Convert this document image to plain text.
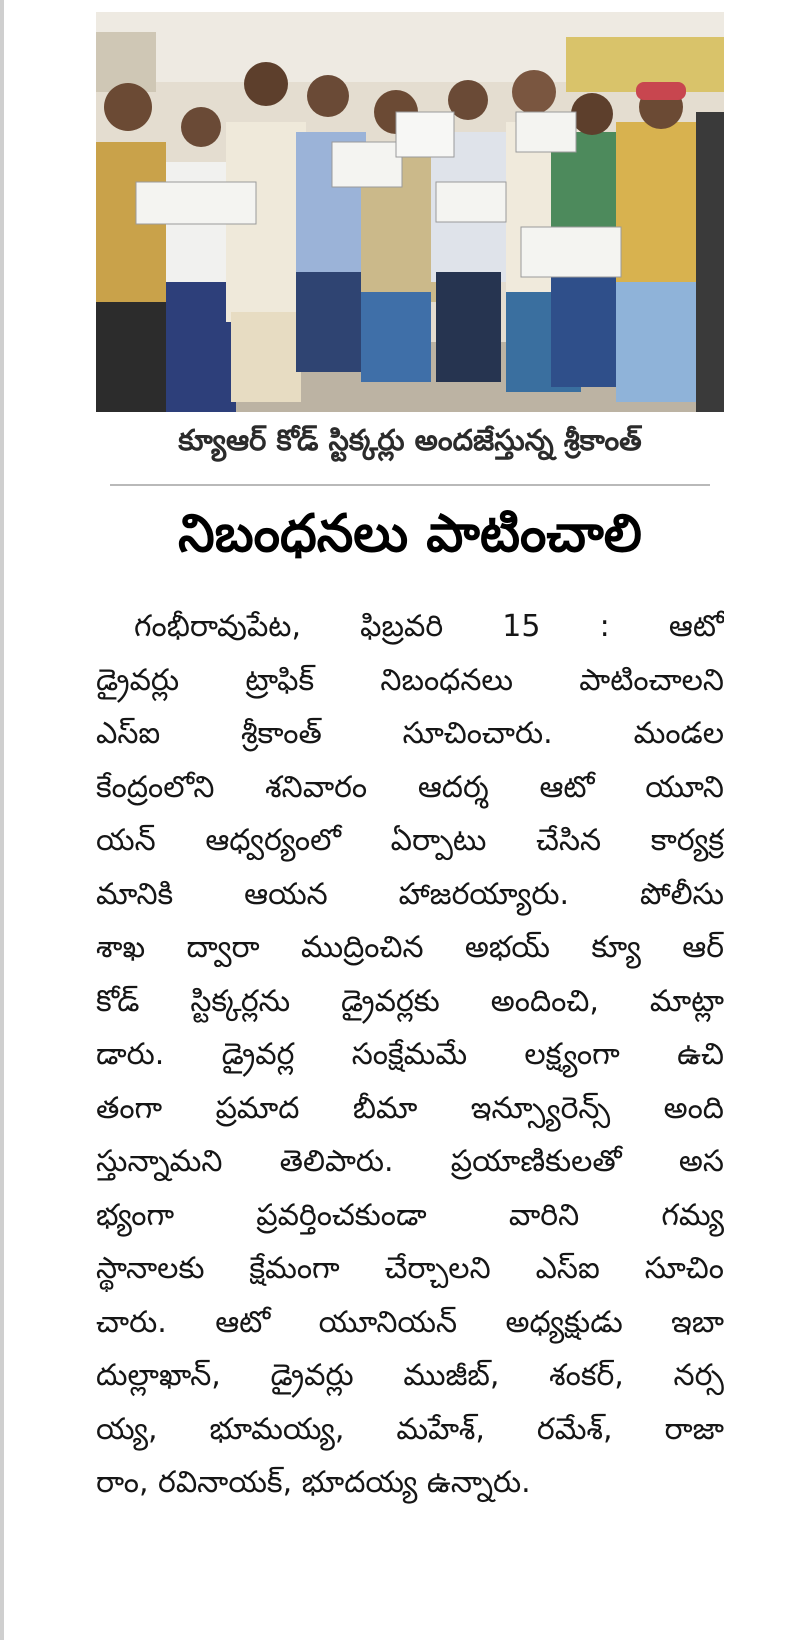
క్యూఆర్ కోడ్ స్టిక్కర్లు అందజేస్తున్న శ్రీకాంత్
నిబంధనలు పాటించాలి
గంభీరావుపేట, ఫిబ్రవరి 15 : ఆటో
డ్రైవర్లు ట్రాఫిక్ నిబంధనలు పాటించాలని
ఎస్ఐ శ్రీకాంత్ సూచించారు. మండల
కేంద్రంలోని శనివారం ఆదర్శ ఆటో యూని
యన్ ఆధ్వర్యంలో ఏర్పాటు చేసిన కార్యక్ర
మానికి ఆయన హాజరయ్యారు. పోలీసు
శాఖ ద్వారా ముద్రించిన అభయ్ క్యూ ఆర్
కోడ్ స్టిక్కర్లను డ్రైవర్లకు అందించి, మాట్లా
డారు. డ్రైవర్ల సంక్షేమమే లక్ష్యంగా ఉచి
తంగా ప్రమాద బీమా ఇన్స్యూరెన్స్ అంది
స్తున్నామని తెలిపారు. ప్రయాణికులతో అస
భ్యంగా ప్రవర్తించకుండా వారిని గమ్య
స్థానాలకు క్షేమంగా చేర్చాలని ఎస్ఐ సూచిం
చారు. ఆటో యూనియన్ అధ్యక్షుడు ఇబా
దుల్లాఖాన్, డ్రైవర్లు ముజీబ్, శంకర్, నర్స
య్య, భూమయ్య, మహేశ్, రమేశ్, రాజా
రాం, రవినాయక్, భూదయ్య ఉన్నారు.
